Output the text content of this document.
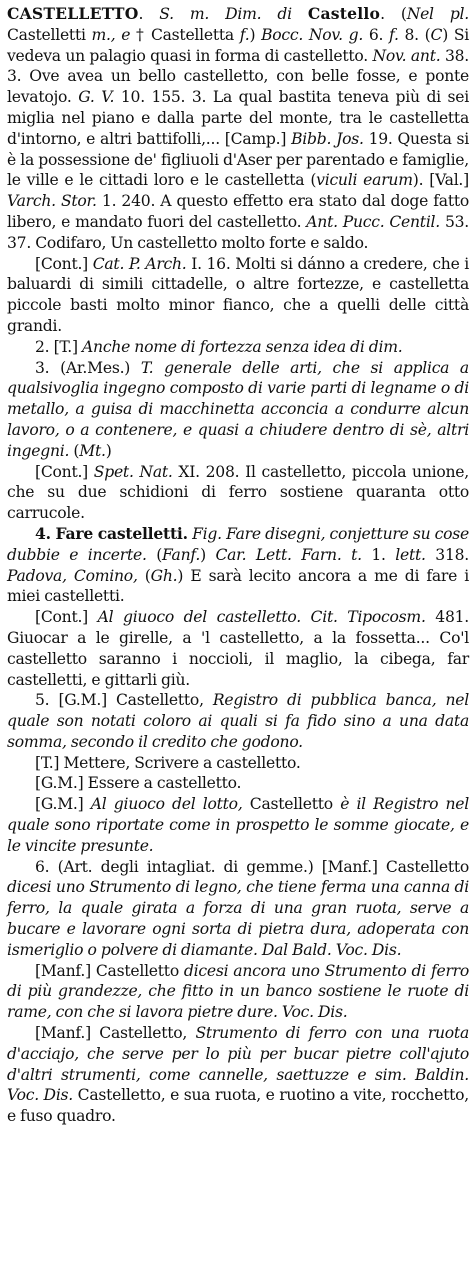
CASTELLETTO. S. m. Dim. di Castello. (Nel pl. Castelletti m., e † Castelletta f.) Bocc. Nov. g. 6. f. 8. (C) Si vedeva un palagio quasi in forma di castelletto. Nov. ant. 38. 3. Ove avea un bello castelletto, con belle fosse, e ponte levatojo. G. V. 10. 155. 3. La qual bastita teneva più di sei miglia nel piano e dalla parte del monte, tra le castelletta d'intorno, e altri battifolli,... [Camp.] Bibb. Jos. 19. Questa si è la possessione de' figliuoli d'Aser per parentado e famiglie, le ville e le cittadi loro e le castelletta (viculi earum). [Val.] Varch. Stor. 1. 240. A questo effetto era stato dal doge fatto libero, e mandato fuori del castelletto. Ant. Pucc. Centil. 53. 37. Codifaro, Un castelletto molto forte e saldo.

[Cont.] Cat. P. Arch. I. 16. Molti si dánno a credere, che i baluardi di simili cittadelle, o altre fortezze, e castelletta piccole basti molto minor fianco, che a quelli delle città grandi.

2. [T.] Anche nome di fortezza senza idea di dim.

3. (Ar.Mes.) T. generale delle arti, che si applica a qualsivoglia ingegno composto di varie parti di legname o di metallo, a guisa di macchinetta acconcia a condurre alcun lavoro, o a contenere, e quasi a chiudere dentro di sè, altri ingegni. (Mt.)

[Cont.] Spet. Nat. XI. 208. Il castelletto, piccola unione, che su due schidioni di ferro sostiene quaranta otto carrucole.

4. Fare castelletti. Fig. Fare disegni, conjetture su cose dubbie e incerte. (Fanf.) Car. Lett. Farn. t. 1. lett. 318. Padova, Comino, (Gh.) E sarà lecito ancora a me di fare i miei castelletti.

[Cont.] Al giuoco del castelletto. Cit. Tipocosm. 481. Giuocar a le girelle, a 'l castelletto, a la fossetta... Co'l castelletto saranno i noccioli, il maglio, la cibega, far castelletti, e gittarli giù.

5. [G.M.] Castelletto, Registro di pubblica banca, nel quale son notati coloro ai quali si fa fido sino a una data somma, secondo il credito che godono.

[T.] Mettere, Scrivere a castelletto.

[G.M.] Essere a castelletto.

[G.M.] Al giuoco del lotto, Castelletto è il Registro nel quale sono riportate come in prospetto le somme giocate, e le vincite presunte.

6. (Art. degli intagliat. di gemme.) [Manf.] Castelletto dicesi uno Strumento di legno, che tiene ferma una canna di ferro, la quale girata a forza di una gran ruota, serve a bucare e lavorare ogni sorta di pietra dura, adoperata con ismeriglio o polvere di diamante. Dal Bald. Voc. Dis.

[Manf.] Castelletto dicesi ancora uno Strumento di ferro di più grandezze, che fitto in un banco sostiene le ruote di rame, con che si lavora pietre dure. Voc. Dis.

[Manf.] Castelletto, Strumento di ferro con una ruota d'acciajo, che serve per lo più per bucar pietre coll'ajuto d'altri strumenti, come cannelle, saettuzze e sim. Baldin. Voc. Dis. Castelletto, e sua ruota, e ruotino a vite, rocchetto, e fuso quadro.
